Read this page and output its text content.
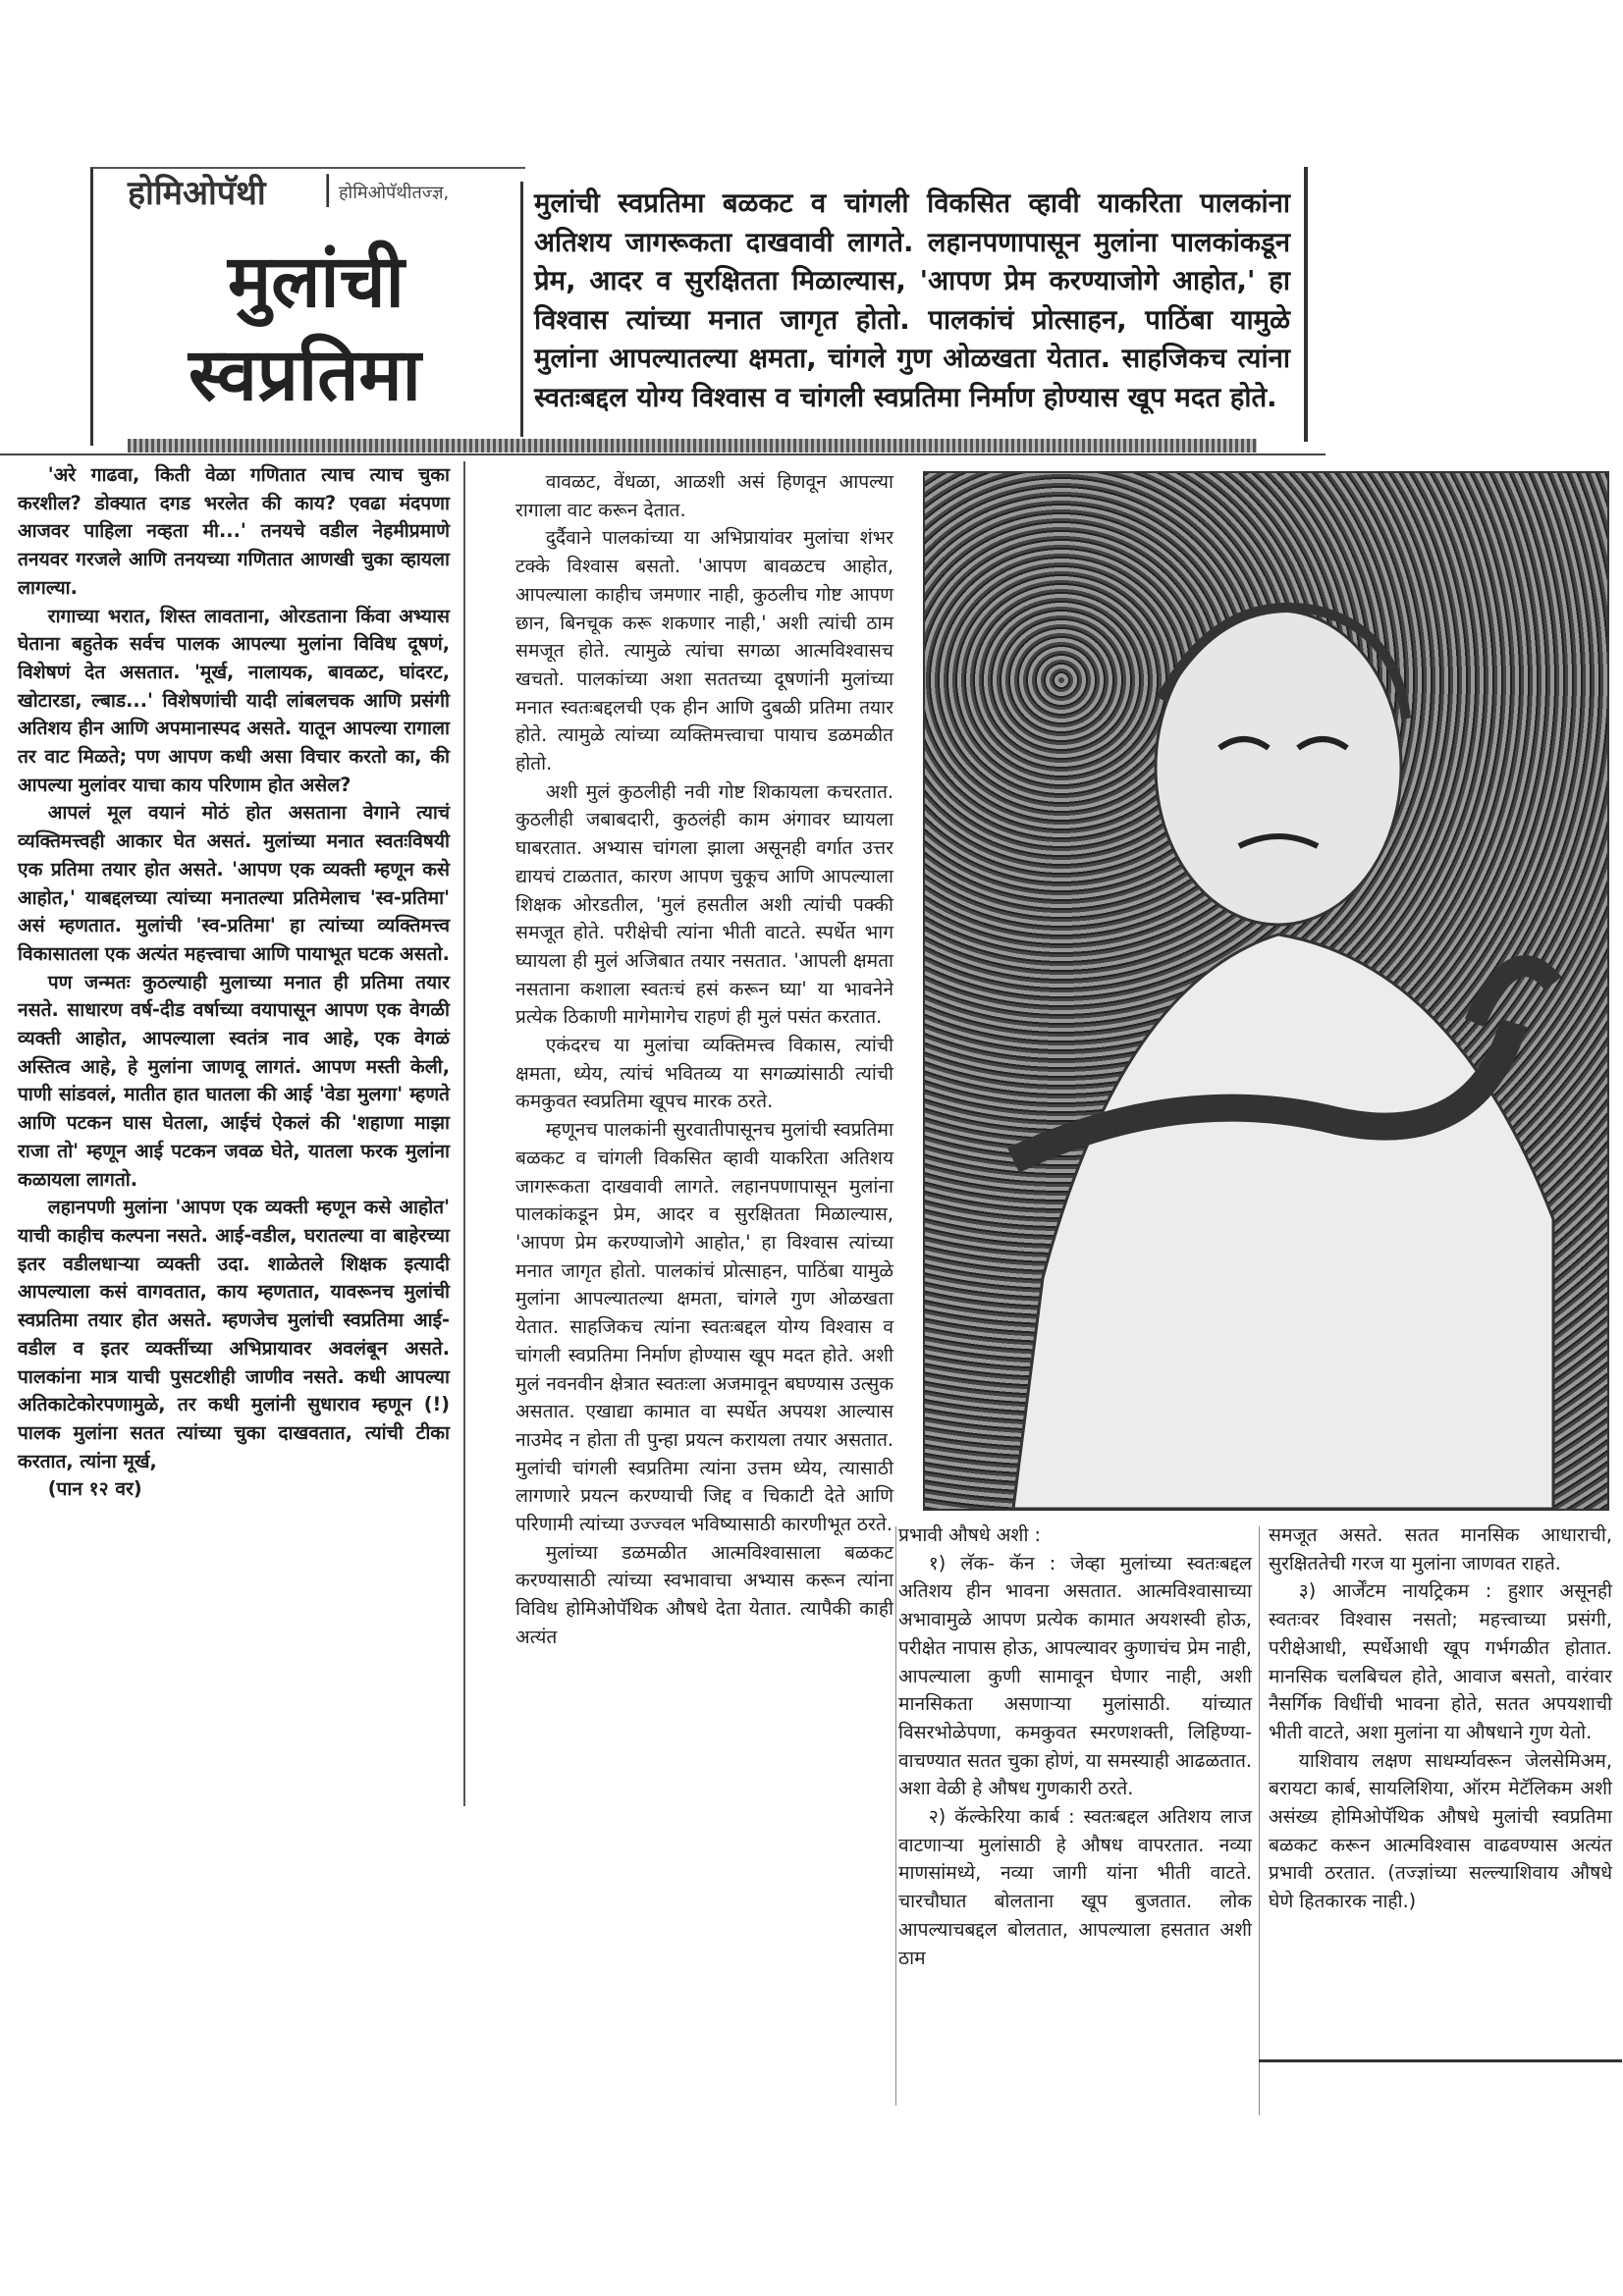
होमिओपॅथी | होमिओपॅथीतज्ज्ञ,
मुलांची
स्वप्रतिमा
मुलांची स्वप्रतिमा बळकट व चांगली विकसित व्हावी याकरिता पालकांना अतिशय जागरूकता दाखवावी लागते. लहानपणापासून मुलांना पालकांकडून प्रेम, आदर व सुरक्षितता मिळाल्यास, 'आपण प्रेम करण्याजोगे आहोत,' हा विश्वास त्यांच्या मनात जागृत होतो. पालकांचं प्रोत्साहन, पाठिंबा यामुळे मुलांना आपल्यातल्या क्षमता, चांगले गुण ओळखता येतात. साहजिकच त्यांना स्वतःबद्दल योग्य विश्वास व चांगली स्वप्रतिमा निर्माण होण्यास खूप मदत होते.

'अरे गाढवा, किती वेळा गणितात त्याच त्याच चुका करशील? डोक्यात दगड भरलेत की काय? एवढा मंदपणा आजवर पाहिला नव्हता मी...' तनयचे वडील नेहमीप्रमाणे तनयवर गरजले आणि तनयच्या गणितात आणखी चुका व्हायला लागल्या.

रागाच्या भरात, शिस्त लावताना, ओरडताना किंवा अभ्यास घेताना बहुतेक सर्वच पालक आपल्या मुलांना विविध दूषणं, विशेषणं देत असतात. 'मूर्ख, नालायक, बावळट, घांदरट, खोटारडा, ल्बाड...' विशेषणांची यादी लांबलचक आणि प्रसंगी अतिशय हीन आणि अपमानास्पद असते. यातून आपल्या रागाला तर वाट मिळते; पण आपण कधी असा विचार करतो का, की आपल्या मुलांवर याचा काय परिणाम होत असेल?

आपलं मूल वयानं मोठं होत असताना वेगाने त्याचं व्यक्तिमत्त्वही आकार घेत असतं. मुलांच्या मनात स्वतःविषयी एक प्रतिमा तयार होत असते. 'आपण एक व्यक्ती म्हणून कसे आहोत,' याबद्दलच्या त्यांच्या मनातल्या प्रतिमेलाच 'स्व-प्रतिमा' असं म्हणतात. मुलांची 'स्व-प्रतिमा' हा त्यांच्या व्यक्तिमत्त्व विकासातला एक अत्यंत महत्त्वाचा आणि पायाभूत घटक असतो.

पण जन्मतः कुठल्याही मुलाच्या मनात ही प्रतिमा तयार नसते. साधारण वर्ष-दीड वर्षाच्या वयापासून आपण एक वेगळी व्यक्ती आहोत, आपल्याला स्वतंत्र नाव आहे, एक वेगळं अस्तित्व आहे, हे मुलांना जाणवू लागतं. आपण मस्ती केली, पाणी सांडवलं, मातीत हात घातला की आई 'वेडा मुलगा' म्हणते आणि पटकन घास घेतला, आईचं ऐकलं की 'शहाणा माझा राजा तो' म्हणून आई पटकन जवळ घेते, यातला फरक मुलांना कळायला लागतो.

लहानपणी मुलांना 'आपण एक व्यक्ती म्हणून कसे आहोत' याची काहीच कल्पना नसते. आई-वडील, घरातल्या वा बाहेरच्या इतर वडीलधाऱ्या व्यक्ती उदा. शाळेतले शिक्षक इत्यादी आपल्याला कसं वागवतात, काय म्हणतात, यावरूनच मुलांची स्वप्रतिमा तयार होत असते. म्हणजेच मुलांची स्वप्रतिमा आई-वडील व इतर व्यक्तींच्या अभिप्रायावर अवलंबून असते. पालकांना मात्र याची पुसटशीही जाणीव नसते. कधी आपल्या अतिकाटेकोरपणामुळे, तर कधी मुलांनी सुधाराव म्हणून (!) पालक मुलांना सतत त्यांच्या चुका दाखवतात, त्यांची टीका करतात, त्यांना मूर्ख,

(पान १२ वर)

वावळट, वेंधळा, आळशी असं हिणवून आपल्या रागाला वाट करून देतात.

दुर्दैवाने पालकांच्या या अभिप्रायांवर मुलांचा शंभर टक्के विश्वास बसतो. 'आपण बावळटच आहोत, आपल्याला काहीच जमणार नाही, कुठलीच गोष्ट आपण छान, बिनचूक करू शकणार नाही,' अशी त्यांची ठाम समजूत होते. त्यामुळे त्यांचा सगळा आत्मविश्वासच खचतो. पालकांच्या अशा सततच्या दूषणांनी मुलांच्या मनात स्वतःबद्दलची एक हीन आणि दुबळी प्रतिमा तयार होते. त्यामुळे त्यांच्या व्यक्तिमत्त्वाचा पायाच डळमळीत होतो.

अशी मुलं कुठलीही नवी गोष्ट शिकायला कचरतात. कुठलीही जबाबदारी, कुठलंही काम अंगावर घ्यायला घाबरतात. अभ्यास चांगला झाला असूनही वर्गात उत्तर द्यायचं टाळतात, कारण आपण चुकूच आणि आपल्याला शिक्षक ओरडतील, 'मुलं हसतील अशी त्यांची पक्की समजूत होते. परीक्षेची त्यांना भीती वाटते. स्पर्धेत भाग घ्यायला ही मुलं अजिबात तयार नसतात. 'आपली क्षमता नसताना कशाला स्वतःचं हसं करून घ्या' या भावनेने प्रत्येक ठिकाणी मागेमागेच राहणं ही मुलं पसंत करतात.

एकंदरच या मुलांचा व्यक्तिमत्त्व विकास, त्यांची क्षमता, ध्येय, त्यांचं भवितव्य या सगळ्यांसाठी त्यांची कमकुवत स्वप्रतिमा खूपच मारक ठरते.

म्हणूनच पालकांनी सुरवातीपासूनच मुलांची स्वप्रतिमा बळकट व चांगली विकसित व्हावी याकरिता अतिशय जागरूकता दाखवावी लागते. लहानपणापासून मुलांना पालकांकडून प्रेम, आदर व सुरक्षितता मिळाल्यास, 'आपण प्रेम करण्याजोगे आहोत,' हा विश्वास त्यांच्या मनात जागृत होतो. पालकांचं प्रोत्साहन, पाठिंबा यामुळे मुलांना आपल्यातल्या क्षमता, चांगले गुण ओळखता येतात. साहजिकच त्यांना स्वतःबद्दल योग्य विश्वास व चांगली स्वप्रतिमा निर्माण होण्यास खूप मदत होते. अशी मुलं नवनवीन क्षेत्रात स्वतःला अजमावून बघण्यास उत्सुक असतात. एखाद्या कामात वा स्पर्धेत अपयश आल्यास नाउमेद न होता ती पुन्हा प्रयत्न करायला तयार असतात. मुलांची चांगली स्वप्रतिमा त्यांना उत्तम ध्येय, त्यासाठी लागणारे प्रयत्न करण्याची जिद्द व चिकाटी देते आणि परिणामी त्यांच्या उज्ज्वल भविष्यासाठी कारणीभूत ठरते.

मुलांच्या डळमळीत आत्मविश्वासाला बळकट करण्यासाठी त्यांच्या स्वभावाचा अभ्यास करून त्यांना विविध होमिओपॅथिक औषधे देता येतात. त्यापैकी काही अत्यंत

प्रभावी औषधे अशी :

१) लॅक- कॅन : जेव्हा मुलांच्या स्वतःबद्दल अतिशय हीन भावना असतात. आत्मविश्वासाच्या अभावामुळे आपण प्रत्येक कामात अयशस्वी होऊ, परीक्षेत नापास होऊ, आपल्यावर कुणाचंच प्रेम नाही, आपल्याला कुणी सामावून घेणार नाही, अशी मानसिकता असणाऱ्या मुलांसाठी. यांच्यात विसरभोळेपणा, कमकुवत स्मरणशक्ती, लिहिण्या-वाचण्यात सतत चुका होणं, या समस्याही आढळतात. अशा वेळी हे औषध गुणकारी ठरते.

२) कॅल्केरिया कार्ब : स्वतःबद्दल अतिशय लाज वाटणाऱ्या मुलांसाठी हे औषध वापरतात. नव्या माणसांमध्ये, नव्या जागी यांना भीती वाटते. चारचौघात बोलताना खूप बुजतात. लोक आपल्याचबद्दल बोलतात, आपल्याला हसतात अशी ठाम

समजूत असते. सतत मानसिक आधाराची, सुरक्षिततेची गरज या मुलांना जाणवत राहते.

३) आर्जेंटम नायट्रिकम : हुशार असूनही स्वतःवर विश्वास नसतो; महत्त्वाच्या प्रसंगी, परीक्षेआधी, स्पर्धेआधी खूप गर्भगळीत होतात. मानसिक चलबिचल होते, आवाज बसतो, वारंवार नैसर्गिक विधींची भावना होते, सतत अपयशाची भीती वाटते, अशा मुलांना या औषधाने गुण येतो.

याशिवाय लक्षण साधर्म्यावरून जेलसेमिअम, बरायटा कार्ब, सायलिशिया, ऑरम मेटॅलिकम अशी असंख्य होमिओपॅथिक औषधे मुलांची स्वप्रतिमा बळकट करून आत्मविश्वास वाढवण्यास अत्यंत प्रभावी ठरतात. (तज्ज्ञांच्या सल्ल्याशिवाय औषधे घेणे हितकारक नाही.)
